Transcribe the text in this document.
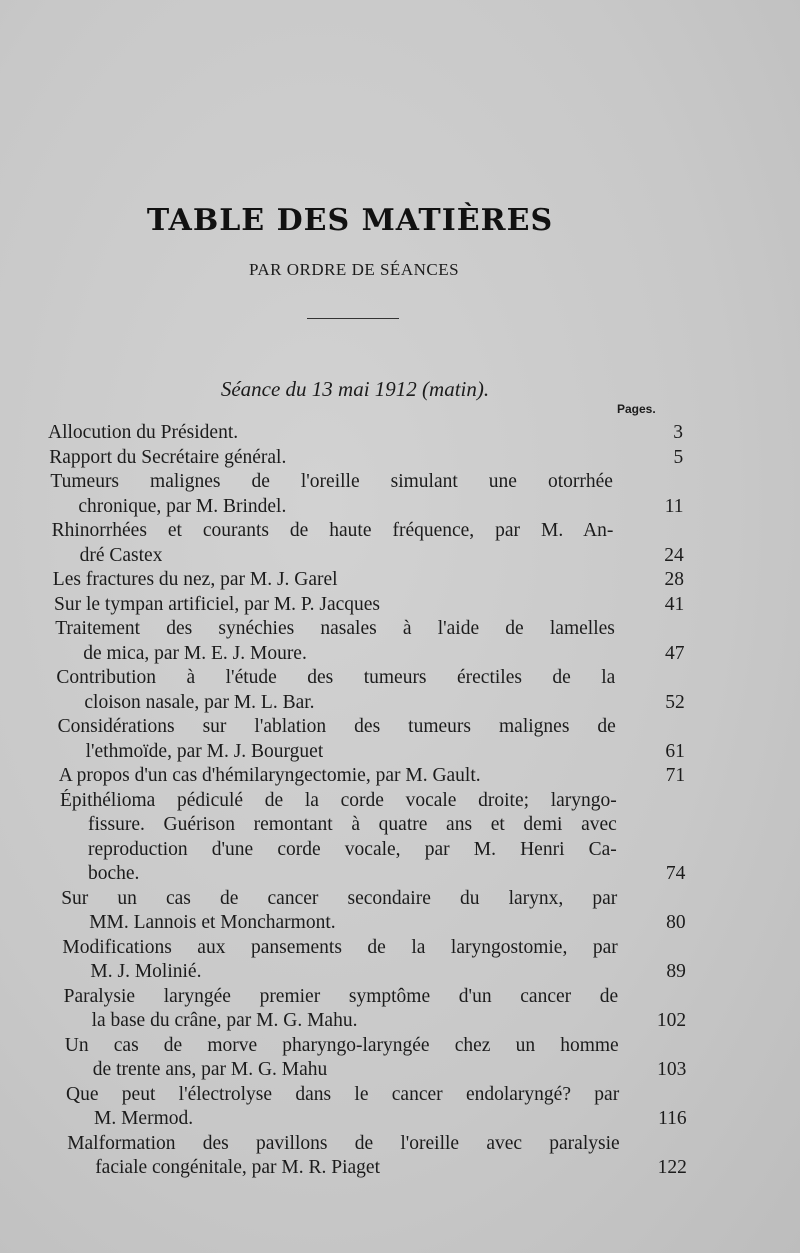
TABLE DES MATIÈRES
PAR ORDRE DE SÉANCES
Séance du 13 mai 1912 (matin).
Pages.
Allocution du Président.	3
Rapport du Secrétaire général.	5
Tumeurs malignes de l'oreille simulant une otorrhée
chronique, par M. Brindel.	11
Rhinorrhées et courants de haute fréquence, par M. An-
dré Castex	24
Les fractures du nez, par M. J. Garel	28
Sur le tympan artificiel, par M. P. Jacques	41
Traitement des synéchies nasales à l'aide de lamelles
de mica, par M. E. J. Moure.	47
Contribution à l'étude des tumeurs érectiles de la
cloison nasale, par M. L. Bar.	52
Considérations sur l'ablation des tumeurs malignes de
l'ethmoïde, par M. J. Bourguet	61
A propos d'un cas d'hémilaryngectomie, par M. Gault.	71
Épithélioma pédiculé de la corde vocale droite; laryngo-
fissure. Guérison remontant à quatre ans et demi avec
reproduction d'une corde vocale, par M. Henri Ca-
boche.	74
Sur un cas de cancer secondaire du larynx, par
MM. Lannois et Moncharmont.	80
Modifications aux pansements de la laryngostomie, par
M. J. Molinié.	89
Paralysie laryngée premier symptôme d'un cancer de
la base du crâne, par M. G. Mahu.	102
Un cas de morve pharyngo-laryngée chez un homme
de trente ans, par M. G. Mahu	103
Que peut l'électrolyse dans le cancer endolaryngé? par
M. Mermod.	116
Malformation des pavillons de l'oreille avec paralysie
faciale congénitale, par M. R. Piaget	122
